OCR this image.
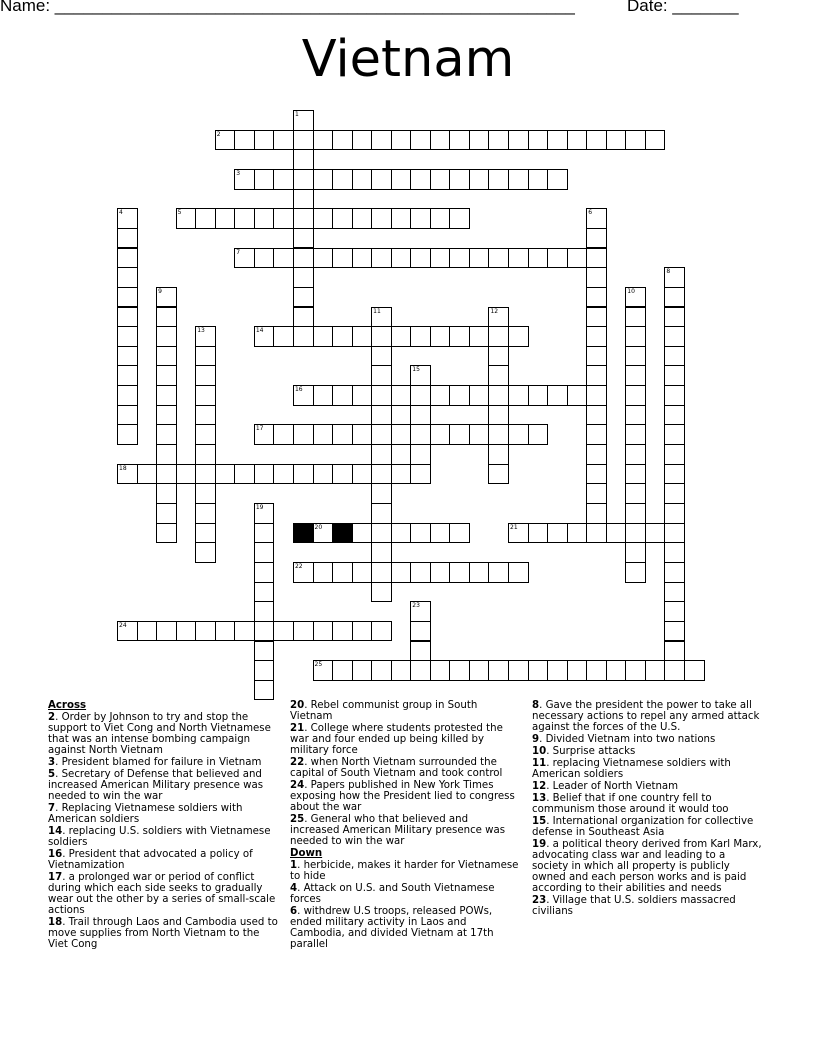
Name: _______________________________________________________	Date: _______
Vietnam
2
3
5
7
14
16
17
18
20	21
22
24
25
1
4	6
8
9	10
11	12
13
15
19
23
Across

2. Order by Johnson to try and stop the support to Viet Cong and North Vietnamese that was an intense bombing campaign against North Vietnam

3. President blamed for failure in Vietnam

5. Secretary of Defense that believed and increased American Military presence was needed to win the war

7. Replacing Vietnamese soldiers with American soldiers

14. replacing U.S. soldiers with Vietnamese soldiers

16. President that advocated a policy of Vietnamization

17. a prolonged war or period of conflict during which each side seeks to gradually wear out the other by a series of small-scale actions

18. Trail through Laos and Cambodia used to move supplies from North Vietnam to the Viet Cong

20. Rebel communist group in South Vietnam

21. College where students protested the war and four ended up being killed by military force

22. when North Vietnam surrounded the capital of South Vietnam and took control

24. Papers published in New York Times exposing how the President lied to congress about the war

25. General who that believed and increased American Military presence was needed to win the war

Down

1. herbicide, makes it harder for Vietnamese to hide

4. Attack on U.S. and South Vietnamese forces

6. withdrew U.S troops, released POWs, ended military activity in Laos and Cambodia, and divided Vietnam at 17th parallel

8. Gave the president the power to take all necessary actions to repel any armed attack against the forces of the U.S.

9. Divided Vietnam into two nations

10. Surprise attacks

11. replacing Vietnamese soldiers with American soldiers

12. Leader of North Vietnam

13. Belief that if one country fell to communism those around it would too

15. International organization for collective defense in Southeast Asia

19. a political theory derived from Karl Marx, advocating class war and leading to a society in which all property is publicly owned and each person works and is paid according to their abilities and needs

23. Village that U.S. soldiers massacred civilians
